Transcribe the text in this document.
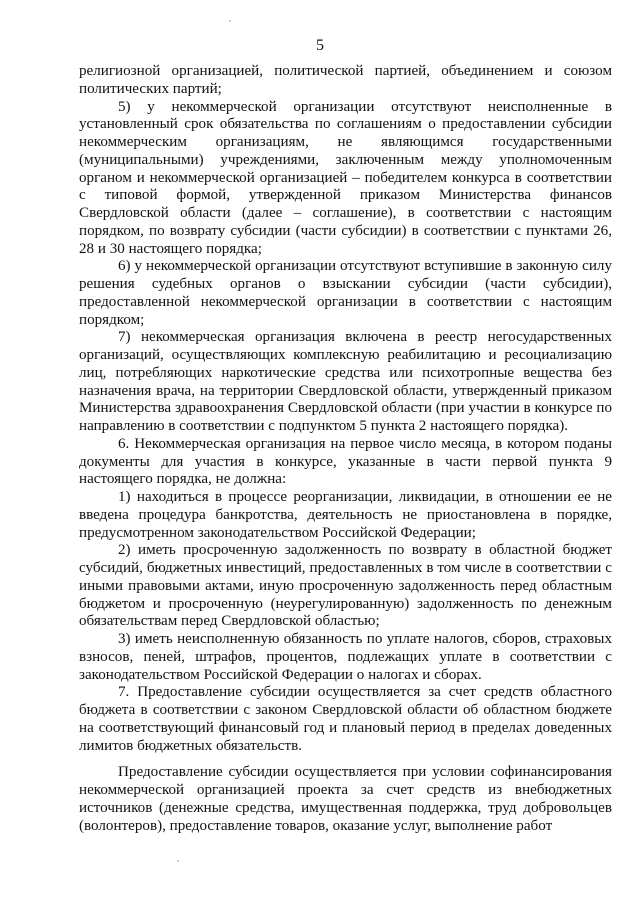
5

религиозной организацией, политической партией, объединением и союзом политических партий;

5) у некоммерческой организации отсутствуют неисполненные в установленный срок обязательства по соглашениям о предоставлении субсидии некоммерческим организациям, не являющимся государственными (муниципальными) учреждениями, заключенным между уполномоченным органом и некоммерческой организацией – победителем конкурса в соответствии с типовой формой, утвержденной приказом Министерства финансов Свердловской области (далее – соглашение), в соответствии с настоящим порядком, по возврату субсидии (части субсидии) в соответствии с пунктами 26, 28 и 30 настоящего порядка;

6) у некоммерческой организации отсутствуют вступившие в законную силу решения судебных органов о взыскании субсидии (части субсидии), предоставленной некоммерческой организации в соответствии с настоящим порядком;

7) некоммерческая организация включена в реестр негосударственных организаций, осуществляющих комплексную реабилитацию и ресоциализацию лиц, потребляющих наркотические средства или психотропные вещества без назначения врача, на территории Свердловской области, утвержденный приказом Министерства здравоохранения Свердловской области (при участии в конкурсе по направлению в соответствии с подпунктом 5 пункта 2 настоящего порядка).

6. Некоммерческая организация на первое число месяца, в котором поданы документы для участия в конкурсе, указанные в части первой пункта 9 настоящего порядка, не должна:

1) находиться в процессе реорганизации, ликвидации, в отношении ее не введена процедура банкротства, деятельность не приостановлена в порядке, предусмотренном законодательством Российской Федерации;

2) иметь просроченную задолженность по возврату в областной бюджет субсидий, бюджетных инвестиций, предоставленных в том числе в соответствии с иными правовыми актами, иную просроченную задолженность перед областным бюджетом и просроченную (неурегулированную) задолженность по денежным обязательствам перед Свердловской областью;

3) иметь неисполненную обязанность по уплате налогов, сборов, страховых взносов, пеней, штрафов, процентов, подлежащих уплате в соответствии с законодательством Российской Федерации о налогах и сборах.

7. Предоставление субсидии осуществляется за счет средств областного бюджета в соответствии с законом Свердловской области об областном бюджете на соответствующий финансовый год и плановый период в пределах доведенных лимитов бюджетных обязательств.

Предоставление субсидии осуществляется при условии софинансирования некоммерческой организацией проекта за счет средств из внебюджетных источников (денежные средства, имущественная поддержка, труд добровольцев (волонтеров), предоставление товаров, оказание услуг, выполнение работ
